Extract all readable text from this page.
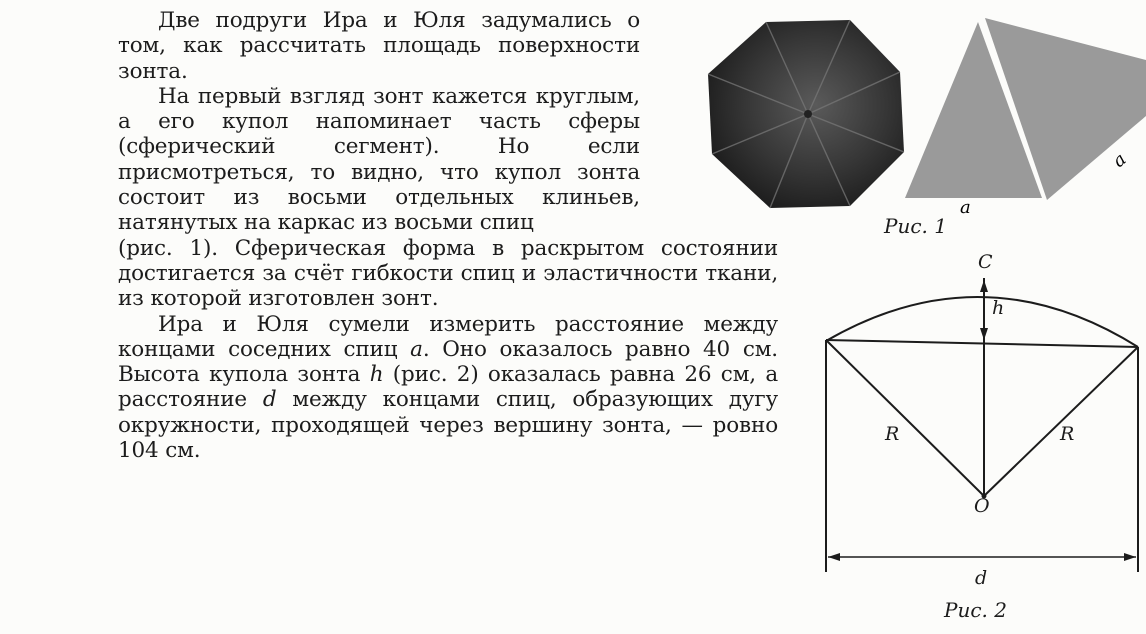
Две подруги Ира и Юля задумались о том, как рассчитать площадь поверхности зонта.

На первый взгляд зонт кажется круглым, а его купол напоминает часть сферы (сферический сегмент). Но если присмотреться, то видно, что купол зонта состоит из восьми отдельных клиньев, натянутых на каркас из восьми спиц

(рис. 1). Сферическая форма в раскрытом состоянии достигается за счёт гибкости спиц и эластичности ткани, из которой изготовлен зонт.

Ира и Юля сумели измерить расстояние между концами соседних спиц a. Оно оказалось равно 40 см. Высота купола зонта h (рис. 2) оказалась равна 26 см, а расстояние d между концами спиц, образующих дугу окружности, проходящей через вершину зонта, — ровно 104 см.

a
a
Рис. 1
C
h
R	R
O
d
Рис. 2
